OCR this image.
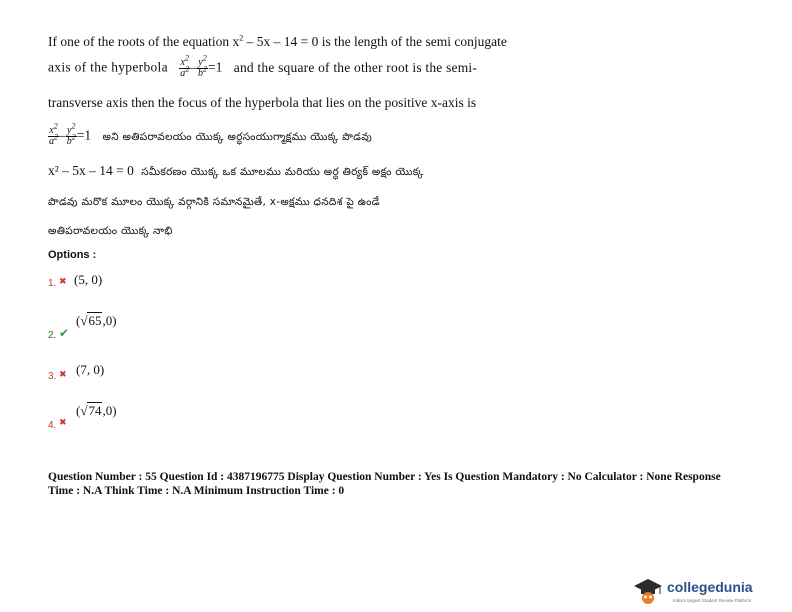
If one of the roots of the equation $x^2 - 5x - 14 = 0$ is the length of the semi conjugate
axis of the hyperbola $\frac{x^2}{a^2} - \frac{y^2}{b^2} =1$ and the square of the other root is the semi-
transverse axis then the focus of the hyperbola that lies on the positive x-axis is
$\frac{x^2}{a^2} - \frac{y^2}{b^2} =1$ అని అతిపరావలయం యొక్క అర్ధసంయుగ్మాక్షము యొక్క పొడవు
x² – 5x – 14 = 0 సమీకరణం యొక్క ఒక మూలము మరియు అర్ధ తిర్యక్ అక్షం యొక్క
పొడవు మరొక మూలం యొక్క వర్గానికి సమానమైతే, x-అక్షము ధనదిశ పై ఉండే
అతిపరావలయం యొక్క నాభి
Options :
1. ✖ (5, 0)
(√65,0)
2. ✔
(7, 0)
3. ✖
(√74,0)
4. ✖
Question Number : 55 Question Id : 4387196775 Display Question Number : Yes Is Question Mandatory : No Calculator : None Response
Time : N.A Think Time : N.A Minimum Instruction Time : 0
collegedunia
India's largest Student Review Platform
